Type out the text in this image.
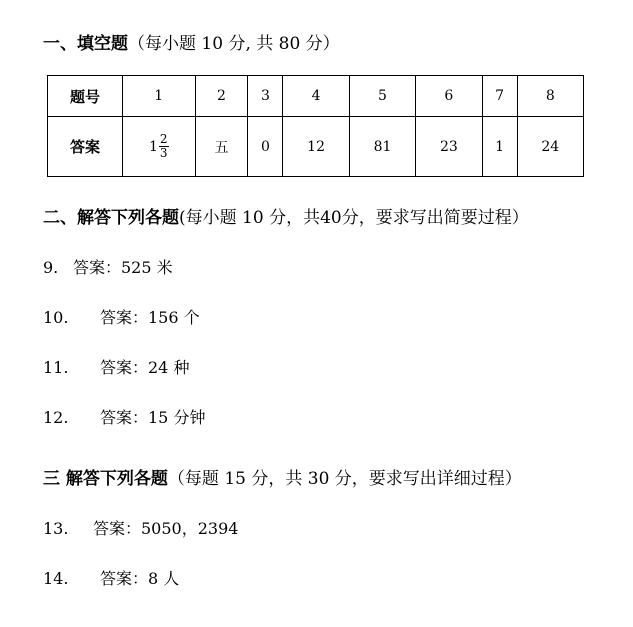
一、填空题（每小题 10 分, 共 80 分）
题号	1	2	3	4	5	6	7	8
答案	$1 \frac{2}{3}$	五	0	12	81	23	1	24
二、解答下列各题(每小题 10 分，共40分，要求写出简要过程）
9. 答案：525 米
10. 答案：156 个
11. 答案：24 种
12. 答案：15 分钟
三 解答下列各题（每题 15 分，共 30 分，要求写出详细过程）
13. 答案：5050，2394
14. 答案：8 人
